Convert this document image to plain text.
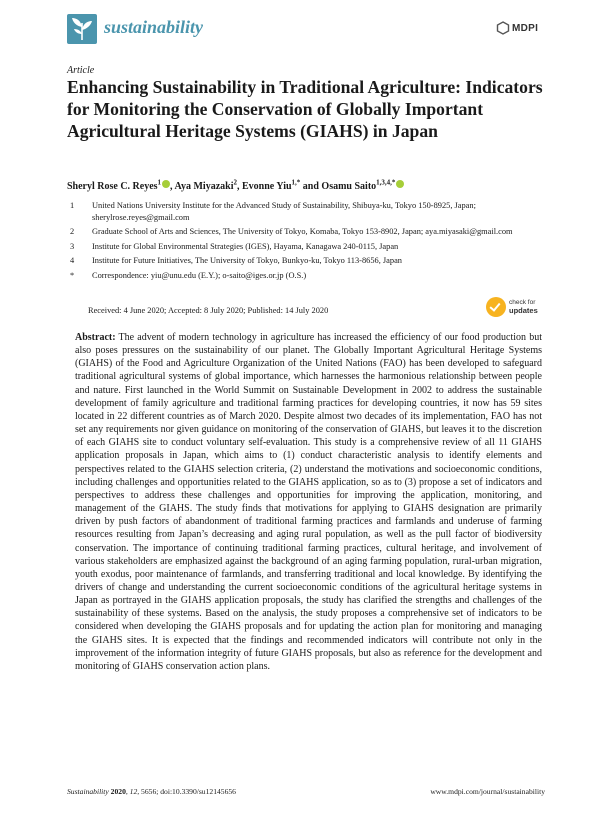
sustainability	MDPI
Article
Enhancing Sustainability in Traditional Agriculture: Indicators for Monitoring the Conservation of Globally Important Agricultural Heritage Systems (GIAHS) in Japan
Sheryl Rose C. Reyes$^1$ , Aya Miyazaki$^2$, Evonne Yiu$^{1,*}$ and Osamu Saito$^{1,3,4,*}$
1	United Nations University Institute for the Advanced Study of Sustainability, Shibuya-ku, Tokyo 150-8925, Japan; sherylrose.reyes@gmail.com
2	Graduate School of Arts and Sciences, The University of Tokyo, Komaba, Tokyo 153-8902, Japan; aya.miyasaki@gmail.com
3	Institute for Global Environmental Strategies (IGES), Hayama, Kanagawa 240-0115, Japan
4	Institute for Future Initiatives, The University of Tokyo, Bunkyo-ku, Tokyo 113-8656, Japan
*	Correspondence: yiu@unu.edu (E.Y.); o-saito@iges.or.jp (O.S.)
Received: 4 June 2020; Accepted: 8 July 2020; Published: 14 July 2020
check for
updates
Abstract: The advent of modern technology in agriculture has increased the efficiency of our food production but also poses pressures on the sustainability of our planet. The Globally Important Agricultural Heritage Systems (GIAHS) of the Food and Agriculture Organization of the United Nations (FAO) has been developed to safeguard traditional agricultural systems of global importance, which harnesses the harmonious relationship between people and nature. First launched in the World Summit on Sustainable Development in 2002 to address the sustainable development of family agriculture and traditional farming practices for developing countries, it now has 59 sites located in 22 different countries as of March 2020. Despite almost two decades of its implementation, FAO has not set any requirements nor given guidance on monitoring of the conservation of GIAHS, but leaves it to the discretion of each GIAHS site to conduct voluntary self-evaluation. This study is a comprehensive review of all 11 GIAHS application proposals in Japan, which aims to (1) conduct characteristic analysis to identify elements and perspectives related to the GIAHS selection criteria, (2) understand the motivations and socioeconomic conditions, including challenges and opportunities related to the GIAHS application, so as to (3) propose a set of indicators and perspectives to address these challenges and opportunities for improving the application, monitoring, and management of the GIAHS. The study finds that motivations for applying to GIAHS designation are primarily driven by push factors of abandonment of traditional farming practices and farmlands and underuse of farming resources resulting from Japan’s decreasing and aging rural population, as well as the pull factor of biodiversity conservation. The importance of continuing traditional farming practices, cultural heritage, and involvement of various stakeholders are emphasized against the background of an aging farming population, rural-urban migration, youth exodus, poor maintenance of farmlands, and transferring traditional and local knowledge. By identifying the drivers of change and understanding the current socioeconomic conditions of the agricultural heritage systems in Japan as portrayed in the GIAHS application proposals, the study has clarified the strengths and challenges of the sustainability of these systems. Based on the analysis, the study proposes a comprehensive set of indicators to be considered when developing the GIAHS proposals and for updating the action plan for monitoring and managing the GIAHS sites. It is expected that the findings and recommended indicators will contribute not only in the improvement of the information integrity of future GIAHS proposals, but also as reference for the development and monitoring of GIAHS conservation action plans.
Sustainability 2020, 12, 5656; doi:10.3390/su12145656	www.mdpi.com/journal/sustainability
